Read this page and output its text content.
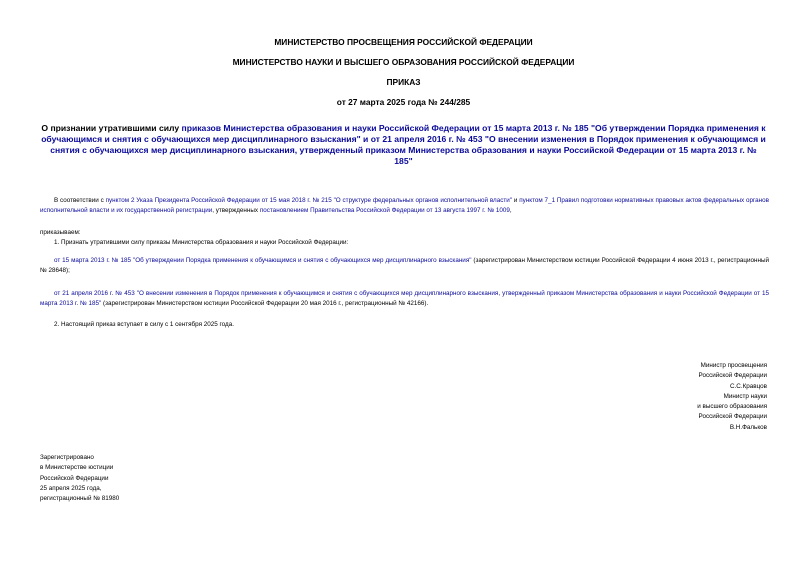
МИНИСТЕРСТВО ПРОСВЕЩЕНИЯ РОССИЙСКОЙ ФЕДЕРАЦИИ
МИНИСТЕРСТВО НАУКИ И ВЫСШЕГО ОБРАЗОВАНИЯ РОССИЙСКОЙ ФЕДЕРАЦИИ
ПРИКАЗ
от 27 марта 2025 года № 244/285
О признании утратившими силу приказов Министерства образования и науки Российской Федерации от 15 марта 2013 г. № 185 "Об утверждении Порядка применения к обучающимся и снятия с обучающихся мер дисциплинарного взыскания" и от 21 апреля 2016 г. № 453 "О внесении изменения в Порядок применения к обучающимся и снятия с обучающихся мер дисциплинарного взыскания, утвержденный приказом Министерства образования и науки Российской Федерации от 15 марта 2013 г. № 185"
В соответствии с пунктом 2 Указа Президента Российской Федерации от 15 мая 2018 г. № 215 "О структуре федеральных органов исполнительной власти" и пунктом 7_1 Правил подготовки нормативных правовых актов федеральных органов исполнительной власти и их государственной регистрации, утвержденных постановлением Правительства Российской Федерации от 13 августа 1997 г. № 1009,
приказываем:
1. Признать утратившими силу приказы Министерства образования и науки Российской Федерации:
от 15 марта 2013 г. № 185 "Об утверждении Порядка применения к обучающимся и снятия с обучающихся мер дисциплинарного взыскания" (зарегистрирован Министерством юстиции Российской Федерации 4 июня 2013 г., регистрационный № 28648);
от 21 апреля 2016 г. № 453 "О внесении изменения в Порядок применения к обучающимся и снятия с обучающихся мер дисциплинарного взыскания, утвержденный приказом Министерства образования и науки Российской Федерации от 15 марта 2013 г. № 185" (зарегистрирован Министерством юстиции Российской Федерации 20 мая 2016 г., регистрационный № 42166).
2. Настоящий приказ вступает в силу с 1 сентября 2025 года.
Министр просвещения
Российской Федерации
С.С.Кравцов
Министр науки
и высшего образования
Российской Федерации
В.Н.Фальков
Зарегистрировано
в Министерстве юстиции
Российской Федерации
25 апреля 2025 года,
регистрационный № 81980
